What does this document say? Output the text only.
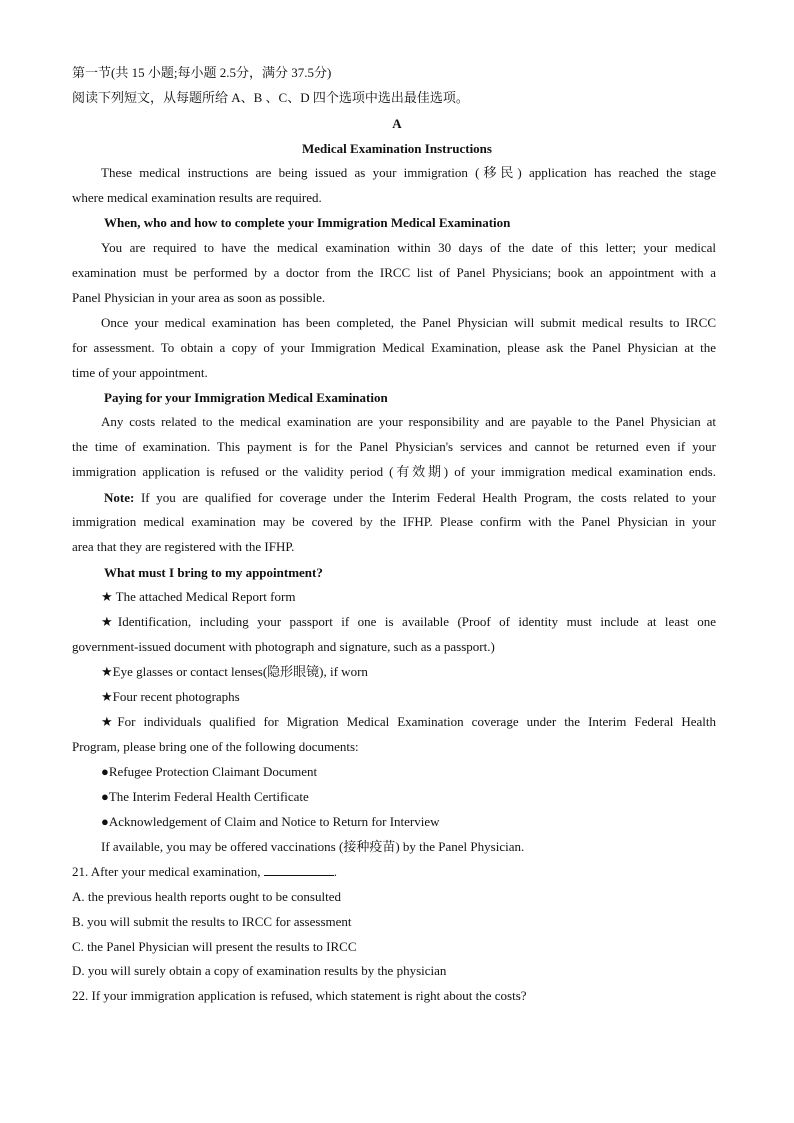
第一节(共 15 小题;每小题 2.5分，满分 37.5分)
阅读下列短文，从每题所给 A、B 、C、D 四个选项中选出最佳选项。
A
Medical Examination Instructions
These medical instructions are being issued as your immigration (移民) application has reached the stage
where medical examination results are required.
When, who and how to complete your Immigration Medical Examination
You are required to have the medical examination within 30 days of the date of this letter; your medical
examination must be performed by a doctor from the IRCC list of Panel Physicians; book an appointment with a
Panel Physician in your area as soon as possible.
Once your medical examination has been completed, the Panel Physician will submit medical results to IRCC
for assessment. To obtain a copy of your Immigration Medical Examination, please ask the Panel Physician at the
time of your appointment.
Paying for your Immigration Medical Examination
Any costs related to the medical examination are your responsibility and are payable to the Panel Physician at
the time of examination. This payment is for the Panel Physician's services and cannot be returned even if your
immigration application is refused or the validity period (有效期) of your immigration medical examination ends.
Note: If you are qualified for coverage under the Interim Federal Health Program, the costs related to your
immigration medical examination may be covered by the IFHP. Please confirm with the Panel Physician in your
area that they are registered with the IFHP.
What must I bring to my appointment?
★ The attached Medical Report form
★Identification, including your passport if one is available (Proof of identity must include at least one
government-issued document with photograph and signature, such as a passport.)
★Eye glasses or contact lenses(隐形眼镜), if worn
★Four recent photographs
★For individuals qualified for Migration Medical Examination coverage under the Interim Federal Health
Program, please bring one of the following documents:
●Refugee Protection Claimant Document
●The Interim Federal Health Certificate
●Acknowledgement of Claim and Notice to Return for Interview
If available, you may be offered vaccinations (接种疫苗) by the Panel Physician.
21. After your medical examination,	.
A. the previous health reports ought to be consulted
B. you will submit the results to IRCC for assessment
C. the Panel Physician will present the results to IRCC
D. you will surely obtain a copy of examination results by the physician
22. If your immigration application is refused, which statement is right about the costs?
